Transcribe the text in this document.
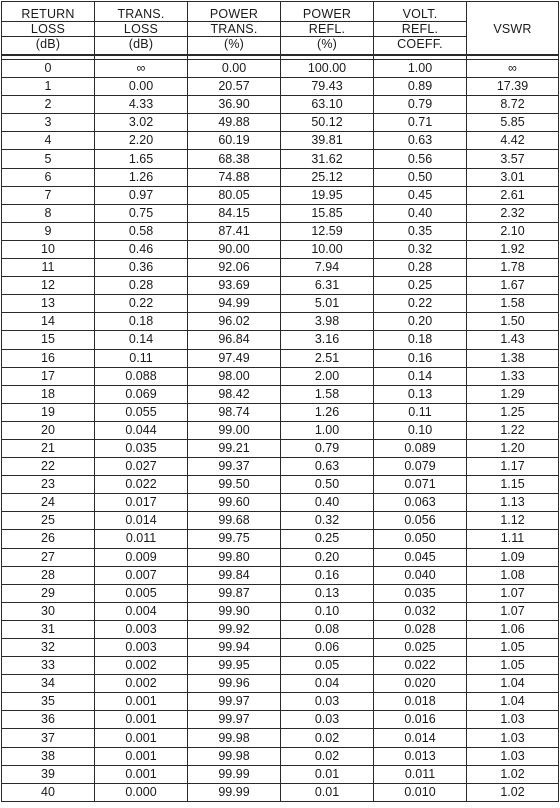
RETURN
LOSS
(dB)	TRANS.
LOSS
(dB)	POWER
TRANS.
(%)	POWER
REFL.
(%)	VOLT.
REFL.
COEFF.	VSWR

0	∞	0.00	100.00	1.00	∞
1	0.00	20.57	79.43	0.89	17.39
2	4.33	36.90	63.10	0.79	8.72
3	3.02	49.88	50.12	0.71	5.85
4	2.20	60.19	39.81	0.63	4.42
5	1.65	68.38	31.62	0.56	3.57
6	1.26	74.88	25.12	0.50	3.01
7	0.97	80.05	19.95	0.45	2.61
8	0.75	84.15	15.85	0.40	2.32
9	0.58	87.41	12.59	0.35	2.10
10	0.46	90.00	10.00	0.32	1.92
11	0.36	92.06	7.94	0.28	1.78
12	0.28	93.69	6.31	0.25	1.67
13	0.22	94.99	5.01	0.22	1.58
14	0.18	96.02	3.98	0.20	1.50
15	0.14	96.84	3.16	0.18	1.43
16	0.11	97.49	2.51	0.16	1.38
17	0.088	98.00	2.00	0.14	1.33
18	0.069	98.42	1.58	0.13	1.29
19	0.055	98.74	1.26	0.11	1.25
20	0.044	99.00	1.00	0.10	1.22
21	0.035	99.21	0.79	0.089	1.20
22	0.027	99.37	0.63	0.079	1.17
23	0.022	99.50	0.50	0.071	1.15
24	0.017	99.60	0.40	0.063	1.13
25	0.014	99.68	0.32	0.056	1.12
26	0.011	99.75	0.25	0.050	1.11
27	0.009	99.80	0.20	0.045	1.09
28	0.007	99.84	0.16	0.040	1.08
29	0.005	99.87	0.13	0.035	1.07
30	0.004	99.90	0.10	0.032	1.07
31	0.003	99.92	0.08	0.028	1.06
32	0.003	99.94	0.06	0.025	1.05
33	0.002	99.95	0.05	0.022	1.05
34	0.002	99.96	0.04	0.020	1.04
35	0.001	99.97	0.03	0.018	1.04
36	0.001	99.97	0.03	0.016	1.03
37	0.001	99.98	0.02	0.014	1.03
38	0.001	99.98	0.02	0.013	1.03
39	0.001	99.99	0.01	0.011	1.02
40	0.000	99.99	0.01	0.010	1.02
